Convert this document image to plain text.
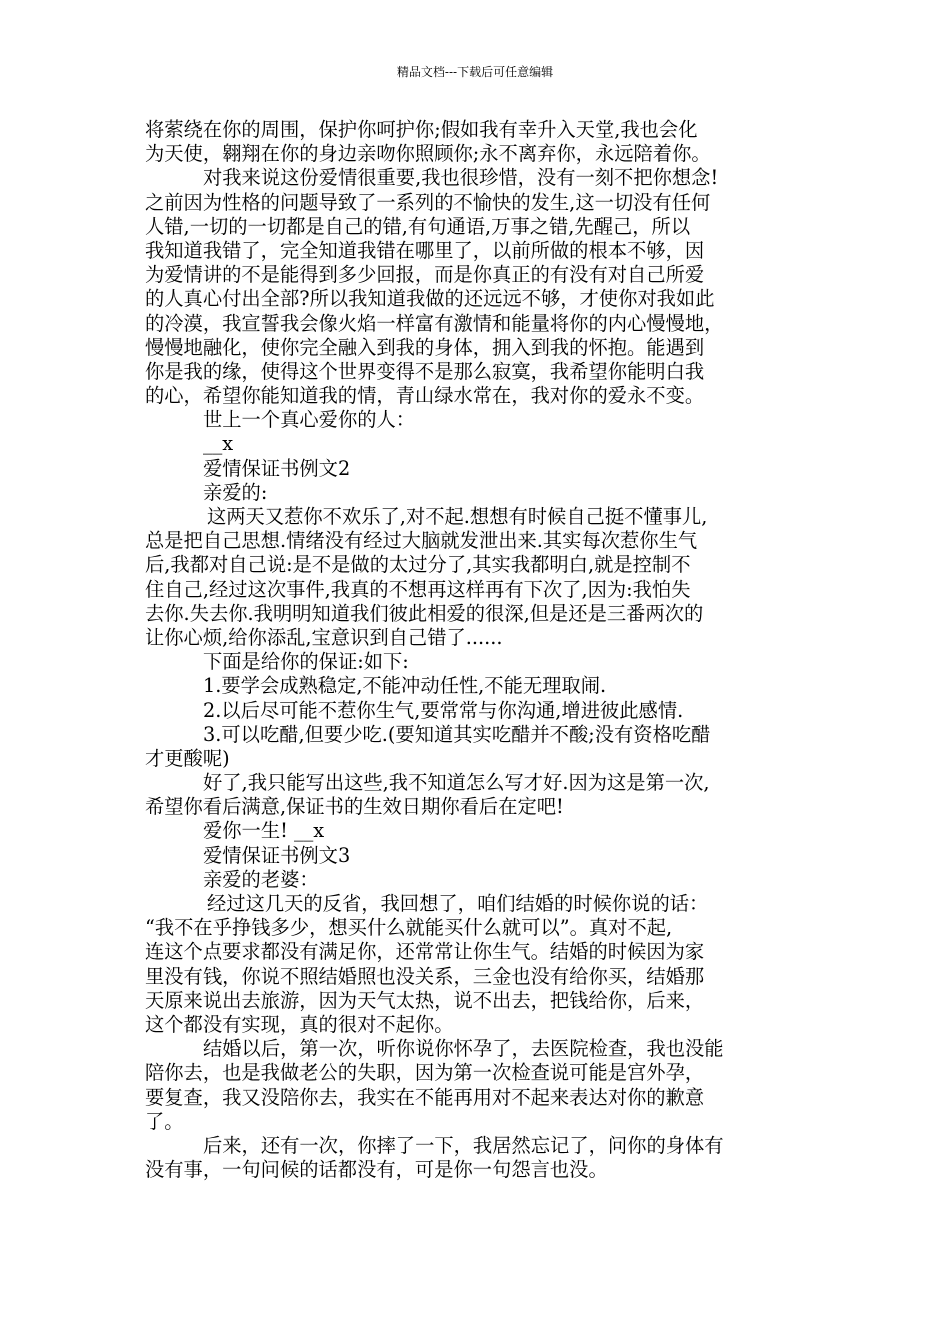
精品文档---下载后可任意编辑
将萦绕在你的周围，保护你呵护你;假如我有幸升入天堂,我也会化
为天使，翱翔在你的身边亲吻你照顾你;永不离弃你，永远陪着你。
对我来说这份爱情很重要,我也很珍惜，没有一刻不把你想念!
之前因为性格的问题导致了一系列的不愉快的发生,这一切没有任何
人错,一切的一切都是自己的错,有句通语,万事之错,先醒己，所以
我知道我错了，完全知道我错在哪里了，以前所做的根本不够，因
为爱情讲的不是能得到多少回报，而是你真正的有没有对自己所爱
的人真心付出全部?所以我知道我做的还远远不够，才使你对我如此
的冷漠，我宣誓我会像火焰一样富有激情和能量将你的内心慢慢地，
慢慢地融化，使你完全融入到我的身体，拥入到我的怀抱。能遇到
你是我的缘，使得这个世界变得不是那么寂寞，我希望你能明白我
的心，希望你能知道我的情，青山绿水常在，我对你的爱永不变。
世上一个真心爱你的人：
__x
爱情保证书例文2
亲爱的:
这两天又惹你不欢乐了,对不起.想想有时候自己挺不懂事儿,
总是把自己思想.情绪没有经过大脑就发泄出来.其实每次惹你生气
后,我都对自己说:是不是做的太过分了,其实我都明白,就是控制不
住自己,经过这次事件,我真的不想再这样再有下次了,因为:我怕失
去你.失去你.我明明知道我们彼此相爱的很深,但是还是三番两次的
让你心烦,给你添乱,宝意识到自己错了......
下面是给你的保证:如下:
1.要学会成熟稳定,不能冲动任性,不能无理取闹.
2.以后尽可能不惹你生气,要常常与你沟通,增进彼此感情.
3.可以吃醋,但要少吃.(要知道其实吃醋并不酸;没有资格吃醋
才更酸呢)
好了,我只能写出这些,我不知道怎么写才好.因为这是第一次,
希望你看后满意,保证书的生效日期你看后在定吧!
爱你一生! __x
爱情保证书例文3
亲爱的老婆：
经过这几天的反省，我回想了，咱们结婚的时候你说的话：
“我不在乎挣钱多少，想买什么就能买什么就可以”。真对不起,
连这个点要求都没有满足你，还常常让你生气。结婚的时候因为家
里没有钱，你说不照结婚照也没关系，三金也没有给你买，结婚那
天原来说出去旅游，因为天气太热，说不出去，把钱给你，后来，
这个都没有实现，真的很对不起你。
结婚以后，第一次，听你说你怀孕了，去医院检查，我也没能
陪你去，也是我做老公的失职，因为第一次检查说可能是宫外孕，
要复查，我又没陪你去，我实在不能再用对不起来表达对你的歉意
了。
后来，还有一次，你摔了一下，我居然忘记了，问你的身体有
没有事，一句问候的话都没有，可是你一句怨言也没。
